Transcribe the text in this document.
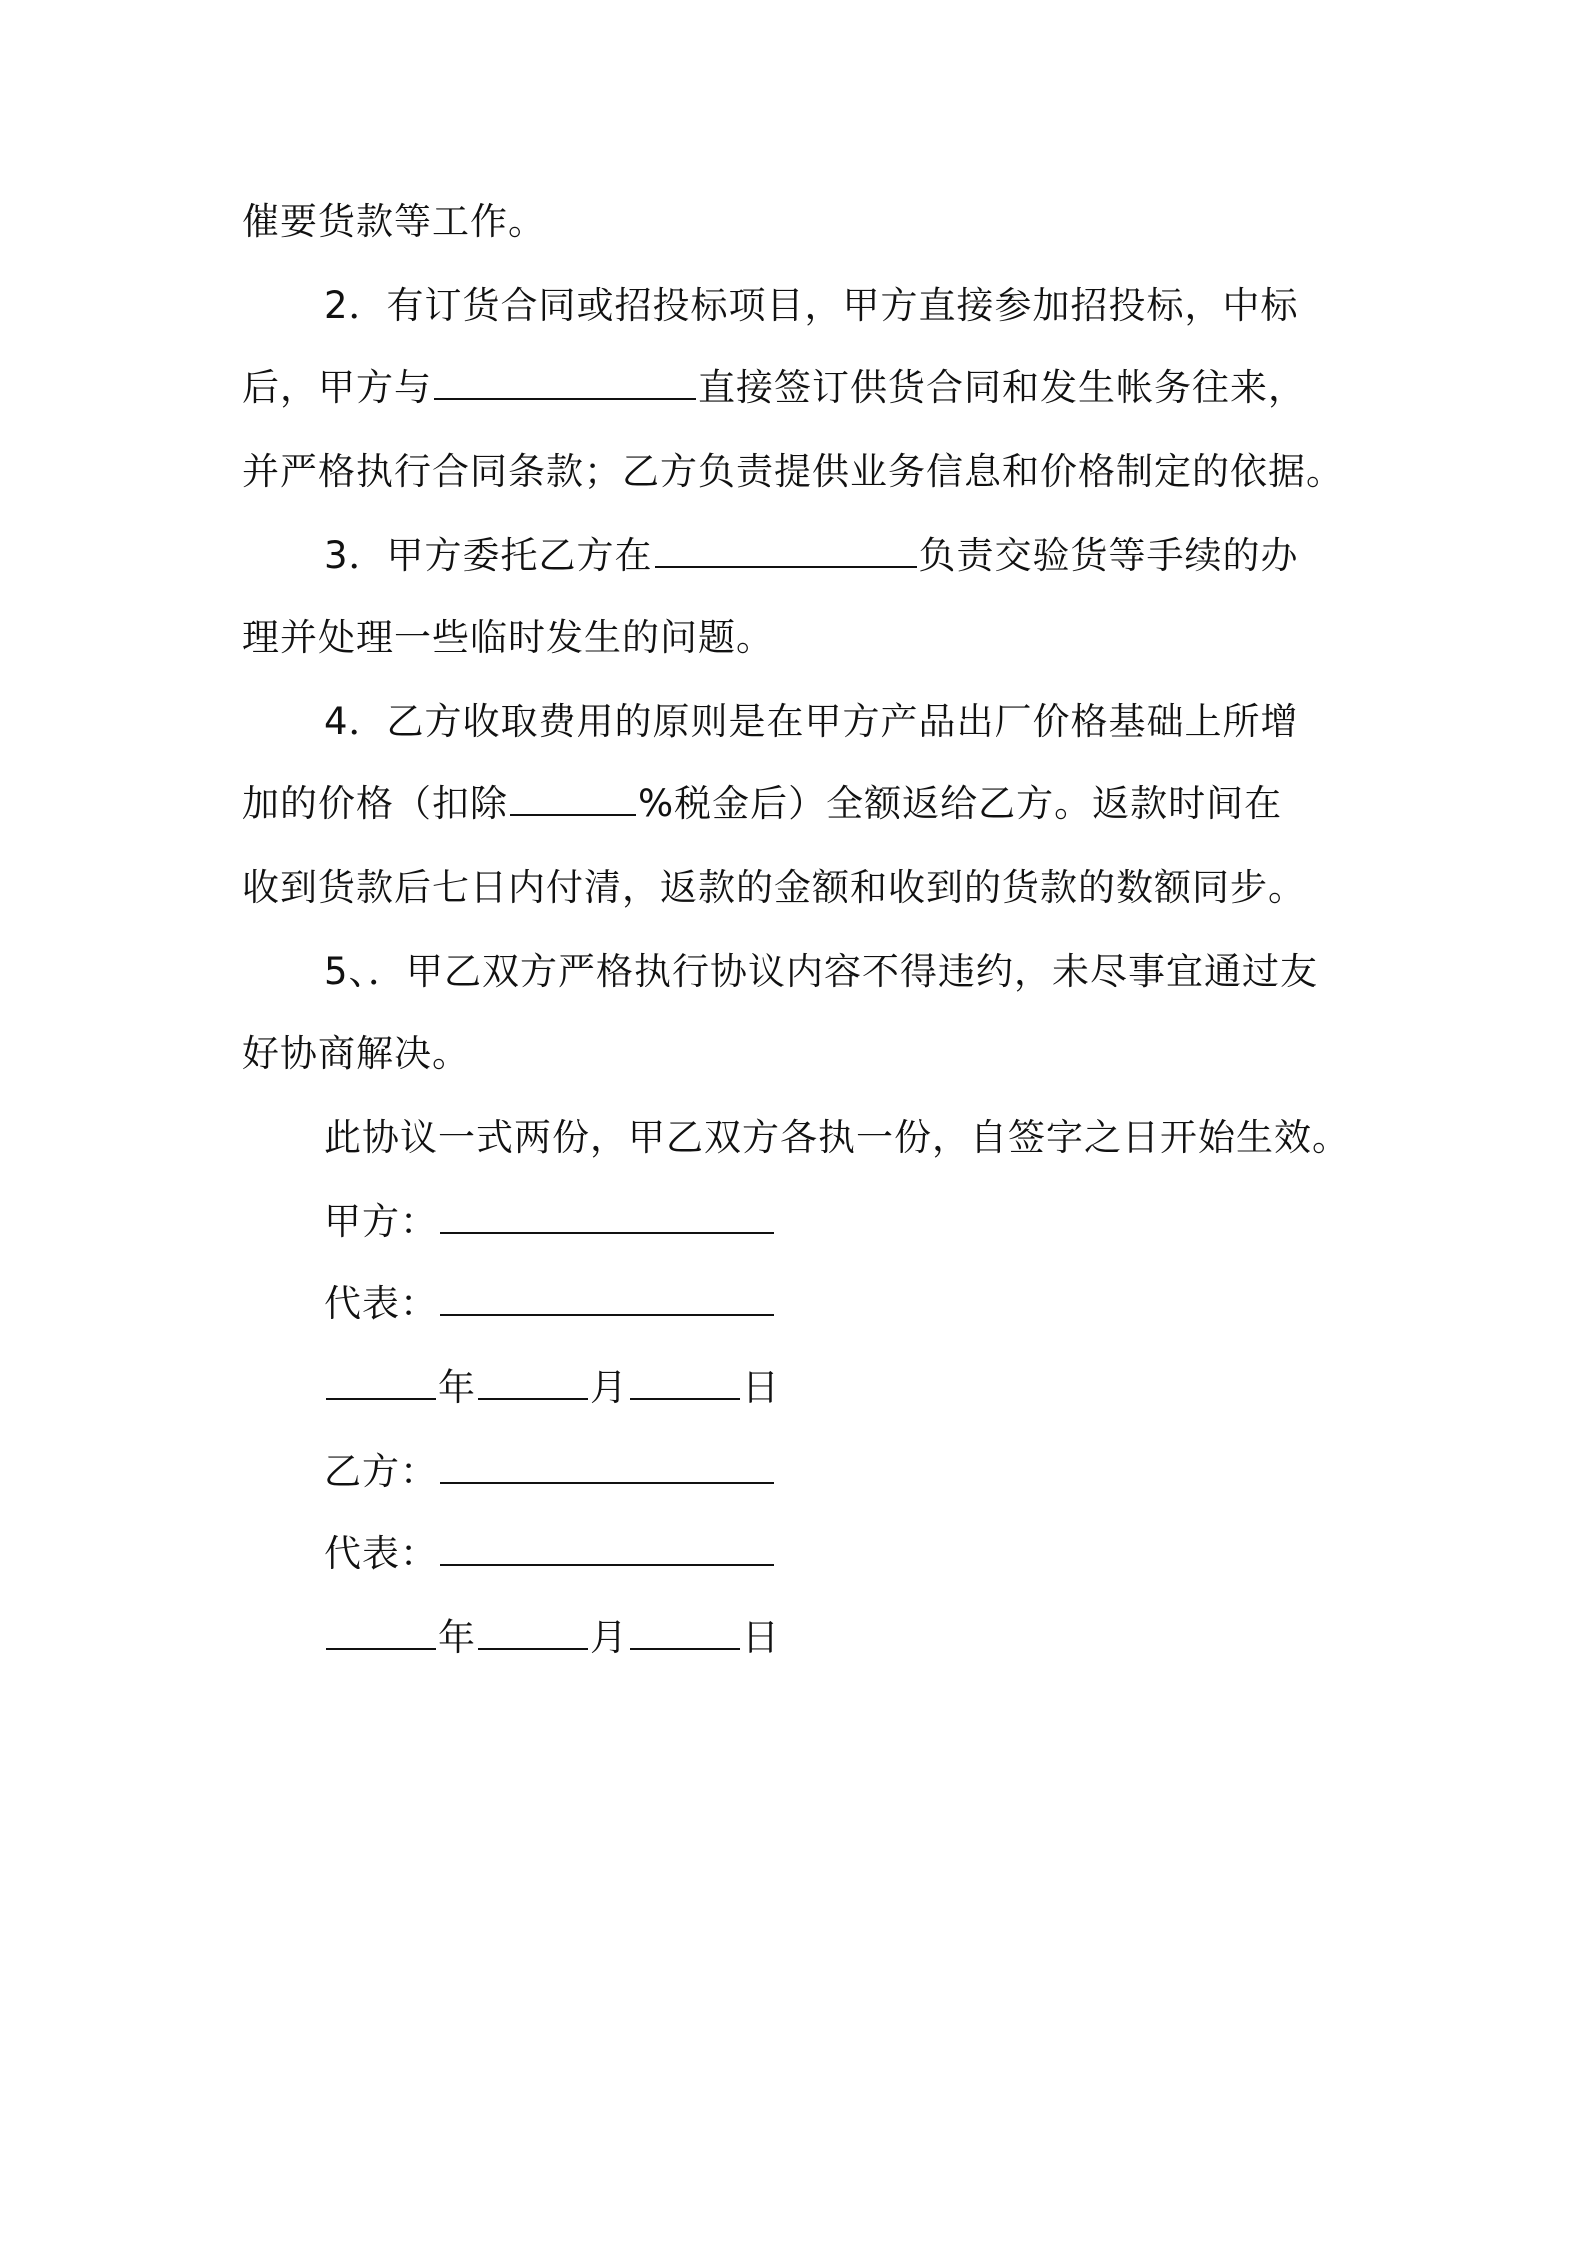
催要货款等工作。
2．有订货合同或招投标项目，甲方直接参加招投标，中标
后，甲方与	直接签订供货合同和发生帐务往来，
并严格执行合同条款；乙方负责提供业务信息和价格制定的依据。
3．甲方委托乙方在	负责交验货等手续的办
理并处理一些临时发生的问题。
4．乙方收取费用的原则是在甲方产品出厂价格基础上所增
加的价格（扣除	%税金后）全额返给乙方。返款时间在
收到货款后七日内付清，返款的金额和收到的货款的数额同步。
5、．甲乙双方严格执行协议内容不得违约，未尽事宜通过友
好协商解决。
此协议一式两份，甲乙双方各执一份，自签字之日开始生效。
甲方：
代表：
年	月	日
乙方：
代表：
年	月	日
